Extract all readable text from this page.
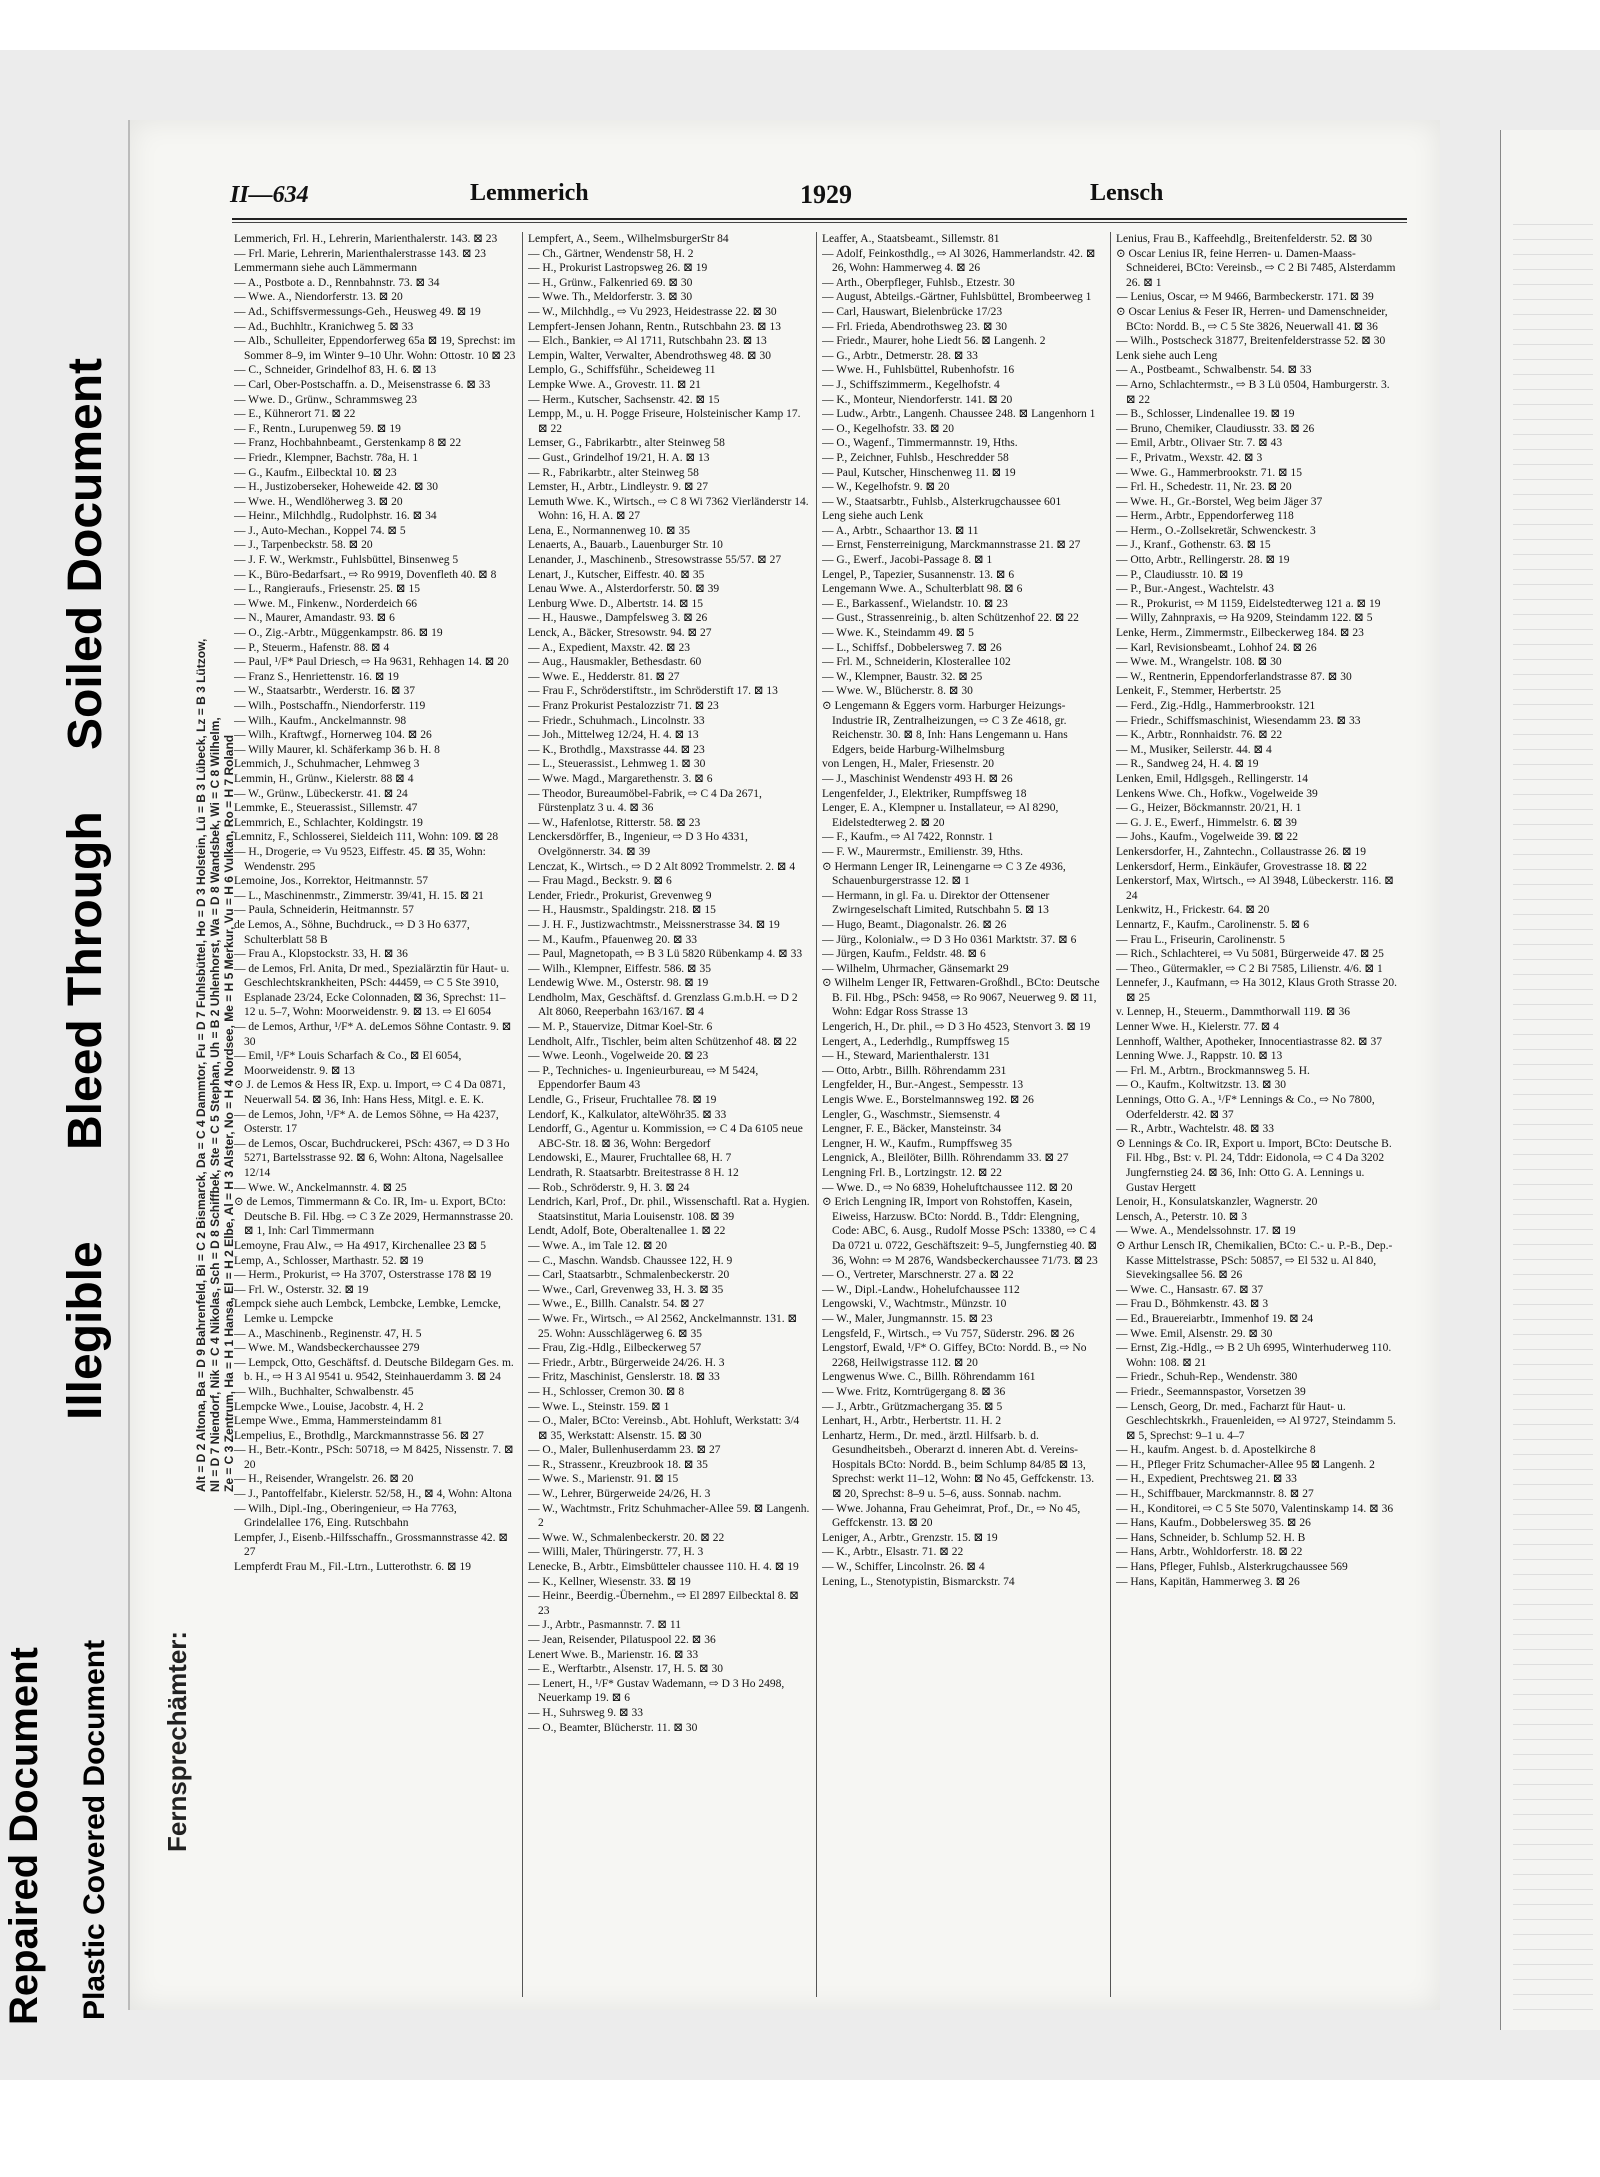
Repaired Document Plastic Covered Document
Illegible
Bleed Through
Soiled Document
II—634	Lemmerich	1929	Lensch
Fernsprechämter:
Alt = D 2 Altona, Ba = D 9 Bahrenfeld, Bi = C 2 Bismarck, Da = C 4 Dammtor, Fu = D 7 Fuhlsbüttel, Ho = D 3 Holstein, Lü = B 3 Lübeck, Lz = B 3 Lützow, Nl = D 7 Niendorf, Nik = C 4 Nikolas, Sch = D 8 Schiffbek, Ste = C 5 Stephan, Uh = B 2 Uhlenhorst, Wa = D 8 Wandsbek, Wi = C 8 Wilhelm, Ze = C 3 Zentrum, Ha = H 1 Hansa, El = H 2 Elbe, Al = H 3 Alster, No = H 4 Nordsee, Me = H 5 Merkur, Vu = H 6 Vulkan, Ro = H 7 Roland

Lemmerich, Frl. H., Lehrerin, Marienthalerstr. 143. ⊠ 23

— Frl. Marie, Lehrerin, Marienthalerstrasse 143. ⊠ 23

Lemmermann siehe auch Lämmermann

— A., Postbote a. D., Rennbahnstr. 73. ⊠ 34

— Wwe. A., Niendorferstr. 13. ⊠ 20

— Ad., Schiffsvermessungs-Geh., Heusweg 49. ⊠ 19

— Ad., Buchhltr., Kranichweg 5. ⊠ 33

— Alb., Schulleiter, Eppendorferweg 65a ⊠ 19, Sprechst: im Sommer 8–9, im Winter 9–10 Uhr. Wohn: Ottostr. 10 ⊠ 23

— C., Schneider, Grindelhof 83, H. 6. ⊠ 13

— Carl, Ober-Postschaffn. a. D., Meisenstrasse 6. ⊠ 33

— Wwe. D., Grünw., Schrammsweg 23

— E., Kühnerort 71. ⊠ 22

— F., Rentn., Lurupenweg 59. ⊠ 19

— Franz, Hochbahnbeamt., Gerstenkamp 8 ⊠ 22

— Friedr., Klempner, Bachstr. 78a, H. 1

— G., Kaufm., Eilbecktal 10. ⊠ 23

— H., Justizoberseker, Hoheweide 42. ⊠ 30

— Wwe. H., Wendlöherweg 3. ⊠ 20

— Heinr., Milchhdlg., Rudolphstr. 16. ⊠ 34

— J., Auto-Mechan., Koppel 74. ⊠ 5

— J., Tarpenbeckstr. 58. ⊠ 20

— J. F. W., Werkmstr., Fuhlsbüttel, Binsenweg 5

— K., Büro-Bedarfsart., ⇨ Ro 9919, Dovenfleth 40. ⊠ 8

— L., Rangieraufs., Friesenstr. 25. ⊠ 15

— Wwe. M., Finkenw., Norderdeich 66

— N., Maurer, Amandastr. 93. ⊠ 6

— O., Zig.-Arbtr., Müggenkampstr. 86. ⊠ 19

— P., Steuerm., Hafenstr. 88. ⊠ 4

— Paul, ¹/F* Paul Driesch, ⇨ Ha 9631, Rehhagen 14. ⊠ 20

— Franz S., Henriettenstr. 16. ⊠ 19

— W., Staatsarbtr., Werderstr. 16. ⊠ 37

— Wilh., Postschaffn., Niendorferstr. 119

— Wilh., Kaufm., Anckelmannstr. 98

— Wilh., Kraftwgf., Hornerweg 104. ⊠ 26

— Willy Maurer, kl. Schäferkamp 36 b. H. 8

Lemmich, J., Schuhmacher, Lehmweg 3

Lemmin, H., Grünw., Kielerstr. 88 ⊠ 4

— W., Grünw., Lübeckerstr. 41. ⊠ 24

Lemmke, E., Steuerassist., Sillemstr. 47

Lemmrich, E., Schlachter, Koldingstr. 19

Lemnitz, F., Schlosserei, Sieldeich 111, Wohn: 109. ⊠ 28

— H., Drogerie, ⇨ Vu 9523, Eiffestr. 45. ⊠ 35, Wohn: Wendenstr. 295

Lemoine, Jos., Korrektor, Heitmannstr. 57

— L., Maschinenmstr., Zimmerstr. 39/41, H. 15. ⊠ 21

— Paula, Schneiderin, Heitmannstr. 57

de Lemos, A., Söhne, Buchdruck., ⇨ D 3 Ho 6377, Schulterblatt 58 B

— Frau A., Klopstockstr. 33, H. ⊠ 36

— de Lemos, Frl. Anita, Dr med., Spezialärztin für Haut- u. Geschlechtskrankheiten, PSch: 44459, ⇨ C 5 Ste 3910, Esplanade 23/24, Ecke Colonnaden, ⊠ 36, Sprechst: 11–12 u. 5–7, Wohn: Moorweidenstr. 9. ⊠ 13. ⇨ El 6054

— de Lemos, Arthur, ¹/F* A. deLemos Söhne Contastr. 9. ⊠ 30

— Emil, ¹/F* Louis Scharfach & Co., ⊠ El 6054, Moorweidenstr. 9. ⊠ 13

⊙ J. de Lemos & Hess IR, Exp. u. Import, ⇨ C 4 Da 0871, Neuerwall 54. ⊠ 36, Inh: Hans Hess, Mitgl. e. E. K.

— de Lemos, John, ¹/F* A. de Lemos Söhne, ⇨ Ha 4237, Osterstr. 17

— de Lemos, Oscar, Buchdruckerei, PSch: 4367, ⇨ D 3 Ho 5271, Bartelsstrasse 92. ⊠ 6, Wohn: Altona, Nagelsallee 12/14

— Wwe. W., Anckelmannstr. 4. ⊠ 25

⊙ de Lemos, Timmermann & Co. IR, Im- u. Export, BCto: Deutsche B. Fil. Hbg. ⇨ C 3 Ze 2029, Hermannstrasse 20. ⊠ 1, Inh: Carl Timmermann

Lemoyne, Frau Alw., ⇨ Ha 4917, Kirchenallee 23 ⊠ 5

Lemp, A., Schlosser, Marthastr. 52. ⊠ 19

— Herm., Prokurist, ⇨ Ha 3707, Osterstrasse 178 ⊠ 19

— Frl. W., Osterstr. 32. ⊠ 19

Lempck siehe auch Lembck, Lembcke, Lembke, Lemcke, Lemke u. Lempcke

— A., Maschinenb., Reginenstr. 47, H. 5

— Wwe. M., Wandsbeckerchaussee 279

— Lempck, Otto, Geschäftsf. d. Deutsche Bildegarn Ges. m. b. H., ⇨ H 3 Al 9541 u. 9542, Steinhauerdamm 3. ⊠ 24

— Wilh., Buchhalter, Schwalbenstr. 45

Lempcke Wwe., Louise, Jacobstr. 4, H. 2

Lempe Wwe., Emma, Hammersteindamm 81

Lempelius, E., Brothdlg., Marckmannstrasse 56. ⊠ 27

— H., Betr.-Kontr., PSch: 50718, ⇨ M 8425, Nissenstr. 7. ⊠ 20

— H., Reisender, Wrangelstr. 26. ⊠ 20

— J., Pantoffelfabr., Kielerstr. 52/58, H., ⊠ 4, Wohn: Altona

— Wilh., Dipl.-Ing., Oberingenieur, ⇨ Ha 7763, Grindelallee 176, Eing. Rutschbahn

Lempfer, J., Eisenb.-Hilfsschaffn., Grossmannstrasse 42. ⊠ 27

Lempferdt Frau M., Fil.-Ltrn., Lutterothstr. 6. ⊠ 19

Lempfert, A., Seem., WilhelmsburgerStr 84

— Ch., Gärtner, Wendenstr 58, H. 2

— H., Prokurist Lastropsweg 26. ⊠ 19

— H., Grünw., Falkenried 69. ⊠ 30

— Wwe. Th., Meldorferstr. 3. ⊠ 30

— W., Milchhdlg., ⇨ Vu 2923, Heidestrasse 22. ⊠ 30

Lempfert-Jensen Johann, Rentn., Rutschbahn 23. ⊠ 13

— Elch., Bankier, ⇨ Al 1711, Rutschbahn 23. ⊠ 13

Lempin, Walter, Verwalter, Abendrothsweg 48. ⊠ 30

Lemplo, G., Schiffsführ., Scheideweg 11

Lempke Wwe. A., Grovestr. 11. ⊠ 21

— Herm., Kutscher, Sachsenstr. 42. ⊠ 15

Lempp, M., u. H. Pogge Friseure, Holsteinischer Kamp 17. ⊠ 22

Lemser, G., Fabrikarbtr., alter Steinweg 58

— Gust., Grindelhof 19/21, H. A. ⊠ 13

— R., Fabrikarbtr., alter Steinweg 58

Lemster, H., Arbtr., Lindleystr. 9. ⊠ 27

Lemuth Wwe. K., Wirtsch., ⇨ C 8 Wi 7362 Vierländerstr 14. Wohn: 16, H. A. ⊠ 27

Lena, E., Normannenweg 10. ⊠ 35

Lenaerts, A., Bauarb., Lauenburger Str. 10

Lenander, J., Maschinenb., Stresowstrasse 55/57. ⊠ 27

Lenart, J., Kutscher, Eiffestr. 40. ⊠ 35

Lenau Wwe. A., Alsterdorferstr. 50. ⊠ 39

Lenburg Wwe. D., Albertstr. 14. ⊠ 15

— H., Hauswe., Dampfelsweg 3. ⊠ 26

Lenck, A., Bäcker, Stresowstr. 94. ⊠ 27

— A., Expedient, Maxstr. 42. ⊠ 23

— Aug., Hausmakler, Bethesdastr. 60

— Wwe. E., Hedderstr. 81. ⊠ 27

— Frau F., Schröderstiftstr., im Schröderstift 17. ⊠ 13

— Franz Prokurist Pestalozzistr 71. ⊠ 23

— Friedr., Schuhmach., Lincolnstr. 33

— Joh., Mittelweg 12/24, H. 4. ⊠ 13

— K., Brothdlg., Maxstrasse 44. ⊠ 23

— L., Steuerassist., Lehmweg 1. ⊠ 30

— Wwe. Magd., Margarethenstr. 3. ⊠ 6

— Theodor, Bureaumöbel-Fabrik, ⇨ C 4 Da 2671, Fürstenplatz 3 u. 4. ⊠ 36

— W., Hafenlotse, Ritterstr. 58. ⊠ 23

Lenckersdörffer, B., Ingenieur, ⇨ D 3 Ho 4331, Ovelgönnerstr. 34. ⊠ 39

Lenczat, K., Wirtsch., ⇨ D 2 Alt 8092 Trommelstr. 2. ⊠ 4

— Frau Magd., Beckstr. 9. ⊠ 6

Lender, Friedr., Prokurist, Grevenweg 9

— H., Hausmstr., Spaldingstr. 218. ⊠ 15

— J. H. F., Justizwachtmstr., Meissnerstrasse 34. ⊠ 19

— M., Kaufm., Pfauenweg 20. ⊠ 33

— Paul, Magnetopath, ⇨ B 3 Lü 5820 Rübenkamp 4. ⊠ 33

— Wilh., Klempner, Eiffestr. 586. ⊠ 35

Lendewig Wwe. M., Osterstr. 98. ⊠ 19

Lendholm, Max, Geschäftsf. d. Grenzlass G.m.b.H. ⇨ D 2 Alt 8060, Reeperbahn 163/167. ⊠ 4

— M. P., Stauervize, Ditmar Koel-Str. 6

Lendholt, Alfr., Tischler, beim alten Schützenhof 48. ⊠ 22

— Wwe. Leonh., Vogelweide 20. ⊠ 23

— P., Techniches- u. Ingenieurbureau, ⇨ M 5424, Eppendorfer Baum 43

Lendle, G., Friseur, Fruchtallee 78. ⊠ 19

Lendorf, K., Kalkulator, alteWöhr35. ⊠ 33

Lendorff, G., Agentur u. Kommission, ⇨ C 4 Da 6105 neue ABC-Str. 18. ⊠ 36, Wohn: Bergedorf

Lendowski, E., Maurer, Fruchtallee 68, H. 7

Lendrath, R. Staatsarbtr. Breitestrasse 8 H. 12

— Rob., Schröderstr. 9, H. 3. ⊠ 24

Lendrich, Karl, Prof., Dr. phil., Wissenschaftl. Rat a. Hygien. Staatsinstitut, Maria Louisenstr. 108. ⊠ 39

Lendt, Adolf, Bote, Oberaltenallee 1. ⊠ 22

— Wwe. A., im Tale 12. ⊠ 20

— C., Maschn. Wandsb. Chaussee 122, H. 9

— Carl, Staatsarbtr., Schmalenbeckerstr. 20

— Wwe., Carl, Grevenweg 33, H. 3. ⊠ 35

— Wwe., E., Billh. Canalstr. 54. ⊠ 27

— Wwe. Fr., Wirtsch., ⇨ Al 2562, Anckelmannstr. 131. ⊠ 25. Wohn: Ausschlägerweg 6. ⊠ 35

— Frau, Zig.-Hdlg., Eilbeckerweg 57

— Friedr., Arbtr., Bürgerweide 24/26. H. 3

— Fritz, Maschinist, Genslerstr. 18. ⊠ 33

— H., Schlosser, Cremon 30. ⊠ 8

— Wwe. L., Steinstr. 159. ⊠ 1

— O., Maler, BCto: Vereinsb., Abt. Hohluft, Werkstatt: 3/4 ⊠ 35, Werkstatt: Alsenstr. 15. ⊠ 30

— O., Maler, Bullenhuserdamm 23. ⊠ 27

— R., Strassenr., Kreuzbrook 18. ⊠ 35

— Wwe. S., Marienstr. 91. ⊠ 15

— W., Lehrer, Bürgerweide 24/26, H. 3

— W., Wachtmstr., Fritz Schuhmacher-Allee 59. ⊠ Langenh. 2

— Wwe. W., Schmalenbeckerstr. 20. ⊠ 22

— Willi, Maler, Thüringerstr. 77, H. 3

Lenecke, B., Arbtr., Eimsbütteler chaussee 110. H. 4. ⊠ 19

— K., Kellner, Wiesenstr. 33. ⊠ 19

— Heinr., Beerdig.-Übernehm., ⇨ El 2897 Eilbecktal 8. ⊠ 23

— J., Arbtr., Pasmannstr. 7. ⊠ 11

— Jean, Reisender, Pilatuspool 22. ⊠ 36

Lenert Wwe. B., Marienstr. 16. ⊠ 33

— E., Werftarbtr., Alsenstr. 17, H. 5. ⊠ 30

— Lenert, H., ¹/F* Gustav Wademann, ⇨ D 3 Ho 2498, Neuerkamp 19. ⊠ 6

— H., Suhrsweg 9. ⊠ 33

— O., Beamter, Blücherstr. 11. ⊠ 30

Leaffer, A., Staatsbeamt., Sillemstr. 81

— Adolf, Feinkosthdlg., ⇨ Al 3026, Hammerlandstr. 42. ⊠ 26, Wohn: Hammerweg 4. ⊠ 26

— Arth., Oberpfleger, Fuhlsb., Etzestr. 30

— August, Abteilgs.-Gärtner, Fuhlsbüttel, Brombeerweg 1

— Carl, Hauswart, Bielenbrücke 17/23

— Frl. Frieda, Abendrothsweg 23. ⊠ 30

— Friedr., Maurer, hohe Liedt 56. ⊠ Langenh. 2

— G., Arbtr., Detmerstr. 28. ⊠ 33

— Wwe. H., Fuhlsbüttel, Rubenhofstr. 16

— J., Schiffszimmerm., Kegelhofstr. 4

— K., Monteur, Niendorferstr. 141. ⊠ 20

— Ludw., Arbtr., Langenh. Chaussee 248. ⊠ Langenhorn 1

— O., Kegelhofstr. 33. ⊠ 20

— O., Wagenf., Timmermannstr. 19, Hths.

— P., Zeichner, Fuhlsb., Heschredder 58

— Paul, Kutscher, Hinschenweg 11. ⊠ 19

— W., Kegelhofstr. 9. ⊠ 20

— W., Staatsarbtr., Fuhlsb., Alsterkrugchaussee 601

Leng siehe auch Lenk

— A., Arbtr., Schaarthor 13. ⊠ 11

— Ernst, Fensterreinigung, Marckmannstrasse 21. ⊠ 27

— G., Ewerf., Jacobi-Passage 8. ⊠ 1

Lengel, P., Tapezier, Susannenstr. 13. ⊠ 6

Lengemann Wwe. A., Schulterblatt 98. ⊠ 6

— E., Barkassenf., Wielandstr. 10. ⊠ 23

— Gust., Strassenreinig., b. alten Schützenhof 22. ⊠ 22

— Wwe. K., Steindamm 49. ⊠ 5

— L., Schiffsf., Dobbelersweg 7. ⊠ 26

— Frl. M., Schneiderin, Klosterallee 102

— W., Klempner, Baustr. 32. ⊠ 25

— Wwe. W., Blücherstr. 8. ⊠ 30

⊙ Lengemann & Eggers vorm. Harburger Heizungs-Industrie IR, Zentralheizungen, ⇨ C 3 Ze 4618, gr. Reichenstr. 30. ⊠ 8, Inh: Hans Lengemann u. Hans Edgers, beide Harburg-Wilhelmsburg

von Lengen, H., Maler, Friesenstr. 20

— J., Maschinist Wendenstr 493 H. ⊠ 26

Lengenfelder, J., Elektriker, Rumpffsweg 18

Lenger, E. A., Klempner u. Installateur, ⇨ Al 8290, Eidelstedterweg 2. ⊠ 20

— F., Kaufm., ⇨ Al 7422, Ronnstr. 1

— F. W., Maurermstr., Emilienstr. 39, Hths.

⊙ Hermann Lenger IR, Leinengarne ⇨ C 3 Ze 4936, Schauenburgerstrasse 12. ⊠ 1

— Hermann, in gl. Fa. u. Direktor der Ottensener Zwirngeselschaft Limited, Rutschbahn 5. ⊠ 13

— Hugo, Beamt., Diagonalstr. 26. ⊠ 26

— Jürg., Kolonialw., ⇨ D 3 Ho 0361 Marktstr. 37. ⊠ 6

— Jürgen, Kaufm., Feldstr. 48. ⊠ 6

— Wilhelm, Uhrmacher, Gänsemarkt 29

⊙ Wilhelm Lenger IR, Fettwaren-Großhdl., BCto: Deutsche B. Fil. Hbg., PSch: 9458, ⇨ Ro 9067, Neuerweg 9. ⊠ 11, Wohn: Edgar Ross Strasse 13

Lengerich, H., Dr. phil., ⇨ D 3 Ho 4523, Stenvort 3. ⊠ 19

Lengert, A., Lederhdlg., Rumpffsweg 15

— H., Steward, Marienthalerstr. 131

— Otto, Arbtr., Billh. Röhrendamm 231

Lengfelder, H., Bur.-Angest., Sempesstr. 13

Lengis Wwe. E., Borstelmannsweg 192. ⊠ 26

Lengler, G., Waschmstr., Siemsenstr. 4

Lengner, F. E., Bäcker, Mansteinstr. 34

Lengner, H. W., Kaufm., Rumpffsweg 35

Lengnick, A., Bleilöter, Billh. Röhrendamm 33. ⊠ 27

Lengning Frl. B., Lortzingstr. 12. ⊠ 22

— Wwe. D., ⇨ No 6839, Hoheluftchaussee 112. ⊠ 20

⊙ Erich Lengning IR, Import von Rohstoffen, Kasein, Eiweiss, Harzusw. BCto: Nordd. B., Tddr: Elengning, Code: ABC, 6. Ausg., Rudolf Mosse PSch: 13380, ⇨ C 4 Da 0721 u. 0722, Geschäftszeit: 9–5, Jungfernstieg 40. ⊠ 36, Wohn: ⇨ M 2876, Wandsbeckerchaussee 71/73. ⊠ 23

— O., Vertreter, Marschnerstr. 27 a. ⊠ 22

— W., Dipl.-Landw., Hohelufchaussee 112

Lengowski, V., Wachtmstr., Münzstr. 10

— W., Maler, Jungmannstr. 15. ⊠ 23

Lengsfeld, F., Wirtsch., ⇨ Vu 757, Süderstr. 296. ⊠ 26

Lengstorf, Ewald, ¹/F* O. Giffey, BCto: Nordd. B., ⇨ No 2268, Heilwigstrasse 112. ⊠ 20

Lengwenus Wwe. C., Billh. Röhrendamm 161

— Wwe. Fritz, Korntrügergang 8. ⊠ 36

— J., Arbtr., Grützmachergang 35. ⊠ 5

Lenhart, H., Arbtr., Herbertstr. 11. H. 2

Lenhartz, Herm., Dr. med., ärztl. Hilfsarb. b. d. Gesundheitsbeh., Oberarzt d. inneren Abt. d. Vereins-Hospitals BCto: Nordd. B., beim Schlump 84/85 ⊠ 13, Sprechst: werkt 11–12, Wohn: ⊠ No 45, Geffckenstr. 13. ⊠ 20, Sprechst: 8–9 u. 5–6, auss. Sonnab. nachm.

— Wwe. Johanna, Frau Geheimrat, Prof., Dr., ⇨ No 45, Geffckenstr. 13. ⊠ 20

Leniger, A., Arbtr., Grenzstr. 15. ⊠ 19

— K., Arbtr., Elsastr. 71. ⊠ 22

— W., Schiffer, Lincolnstr. 26. ⊠ 4

Lening, L., Stenotypistin, Bismarckstr. 74

Lenius, Frau B., Kaffeehdlg., Breitenfelderstr. 52. ⊠ 30

⊙ Oscar Lenius IR, feine Herren- u. Damen-Maass-Schneiderei, BCto: Vereinsb., ⇨ C 2 Bi 7485, Alsterdamm 26. ⊠ 1

— Lenius, Oscar, ⇨ M 9466, Barmbeckerstr. 171. ⊠ 39

⊙ Oscar Lenius & Feser IR, Herren- und Damenschneider, BCto: Nordd. B., ⇨ C 5 Ste 3826, Neuerwall 41. ⊠ 36

— Wilh., Postscheck 31877, Breitenfelderstrasse 52. ⊠ 30

Lenk siehe auch Leng

— A., Postbeamt., Schwalbenstr. 54. ⊠ 33

— Arno, Schlachtermstr., ⇨ B 3 Lü 0504, Hamburgerstr. 3. ⊠ 22

— B., Schlosser, Lindenallee 19. ⊠ 19

— Bruno, Chemiker, Claudiusstr. 33. ⊠ 26

— Emil, Arbtr., Olivaer Str. 7. ⊠ 43

— F., Privatm., Wexstr. 42. ⊠ 3

— Wwe. G., Hammerbrookstr. 71. ⊠ 15

— Frl. H., Schedestr. 11, Nr. 23. ⊠ 20

— Wwe. H., Gr.-Borstel, Weg beim Jäger 37

— Herm., Arbtr., Eppendorferweg 118

— Herm., O.-Zollsekretär, Schwenckestr. 3

— J., Kranf., Gothenstr. 63. ⊠ 15

— Otto, Arbtr., Rellingerstr. 28. ⊠ 19

— P., Claudiusstr. 10. ⊠ 19

— P., Bur.-Angest., Wachtelstr. 43

— R., Prokurist, ⇨ M 1159, Eidelstedterweg 121 a. ⊠ 19

— Willy, Zahnpraxis, ⇨ Ha 9209, Steindamm 122. ⊠ 5

Lenke, Herm., Zimmermstr., Eilbeckerweg 184. ⊠ 23

— Karl, Revisionsbeamt., Lohhof 24. ⊠ 26

— Wwe. M., Wrangelstr. 108. ⊠ 30

— W., Rentnerin, Eppendorferlandstrasse 87. ⊠ 30

Lenkeit, F., Stemmer, Herbertstr. 25

— Ferd., Zig.-Hdlg., Hammerbrookstr. 121

— Friedr., Schiffsmaschinist, Wiesendamm 23. ⊠ 33

— K., Arbtr., Ronnhaidstr. 76. ⊠ 22

— M., Musiker, Seilerstr. 44. ⊠ 4

— R., Sandweg 24, H. 4. ⊠ 19

Lenken, Emil, Hdlgsgeh., Rellingerstr. 14

Lenkens Wwe. Ch., Hofkw., Vogelweide 39

— G., Heizer, Böckmannstr. 20/21, H. 1

— G. J. E., Ewerf., Himmelstr. 6. ⊠ 39

— Johs., Kaufm., Vogelweide 39. ⊠ 22

Lenkersdorfer, H., Zahntechn., Collaustrasse 26. ⊠ 19

Lenkersdorf, Herm., Einkäufer, Grovestrasse 18. ⊠ 22

Lenkerstorf, Max, Wirtsch., ⇨ Al 3948, Lübeckerstr. 116. ⊠ 24

Lenkwitz, H., Frickestr. 64. ⊠ 20

Lennartz, F., Kaufm., Carolinenstr. 5. ⊠ 6

— Frau L., Friseurin, Carolinenstr. 5

— Rich., Schlachterei, ⇨ Vu 5081, Bürgerweide 47. ⊠ 25

— Theo., Gütermakler, ⇨ C 2 Bi 7585, Lilienstr. 4/6. ⊠ 1

Lennefer, J., Kaufmann, ⇨ Ha 3012, Klaus Groth Strasse 20. ⊠ 25

v. Lennep, H., Steuerm., Dammthorwall 119. ⊠ 36

Lenner Wwe. H., Kielerstr. 77. ⊠ 4

Lennhoff, Walther, Apotheker, Innocentiastrasse 82. ⊠ 37

Lenning Wwe. J., Rappstr. 10. ⊠ 13

— Frl. M., Arbtrn., Brockmannsweg 5. H.

— O., Kaufm., Koltwitzstr. 13. ⊠ 30

Lennings, Otto G. A., ¹/F* Lennings & Co., ⇨ No 7800, Oderfelderstr. 42. ⊠ 37

— R., Arbtr., Wachtelstr. 48. ⊠ 33

⊙ Lennings & Co. IR, Export u. Import, BCto: Deutsche B. Fil. Hbg., Bst: v. Pl. 24, Tddr: Eidonola, ⇨ C 4 Da 3202 Jungfernstieg 24. ⊠ 36, Inh: Otto G. A. Lennings u. Gustav Hergett

Lenoir, H., Konsulatskanzler, Wagnerstr. 20

Lensch, A., Peterstr. 10. ⊠ 3

— Wwe. A., Mendelssohnstr. 17. ⊠ 19

⊙ Arthur Lensch IR, Chemikalien, BCto: C.- u. P.-B., Dep.-Kasse Mittelstrasse, PSch: 50857, ⇨ El 532 u. Al 840, Sievekingsallee 56. ⊠ 26

— Wwe. C., Hansastr. 67. ⊠ 37

— Frau D., Böhmkenstr. 43. ⊠ 3

— Ed., Brauereiarbtr., Immenhof 19. ⊠ 24

— Wwe. Emil, Alsenstr. 29. ⊠ 30

— Ernst, Zig.-Hdlg., ⇨ B 2 Uh 6995, Winterhuderweg 110. Wohn: 108. ⊠ 21

— Friedr., Schuh-Rep., Wendenstr. 380

— Friedr., Seemannspastor, Vorsetzen 39

— Lensch, Georg, Dr. med., Facharzt für Haut- u. Geschlechtskrkh., Frauenleiden, ⇨ Al 9727, Steindamm 5. ⊠ 5, Sprechst: 9–1 u. 4–7

— H., kaufm. Angest. b. d. Apostelkirche 8

— H., Pfleger Fritz Schumacher-Allee 95 ⊠ Langenh. 2

— H., Expedient, Prechtsweg 21. ⊠ 33

— H., Schiffbauer, Marckmannstr. 8. ⊠ 27

— H., Konditorei, ⇨ C 5 Ste 5070, Valentinskamp 14. ⊠ 36

— Hans, Kaufm., Dobbelersweg 35. ⊠ 26

— Hans, Schneider, b. Schlump 52. H. B

— Hans, Arbtr., Wohldorferstr. 18. ⊠ 22

— Hans, Pfleger, Fuhlsb., Alsterkrugchaussee 569

— Hans, Kapitän, Hammerweg 3. ⊠ 26
